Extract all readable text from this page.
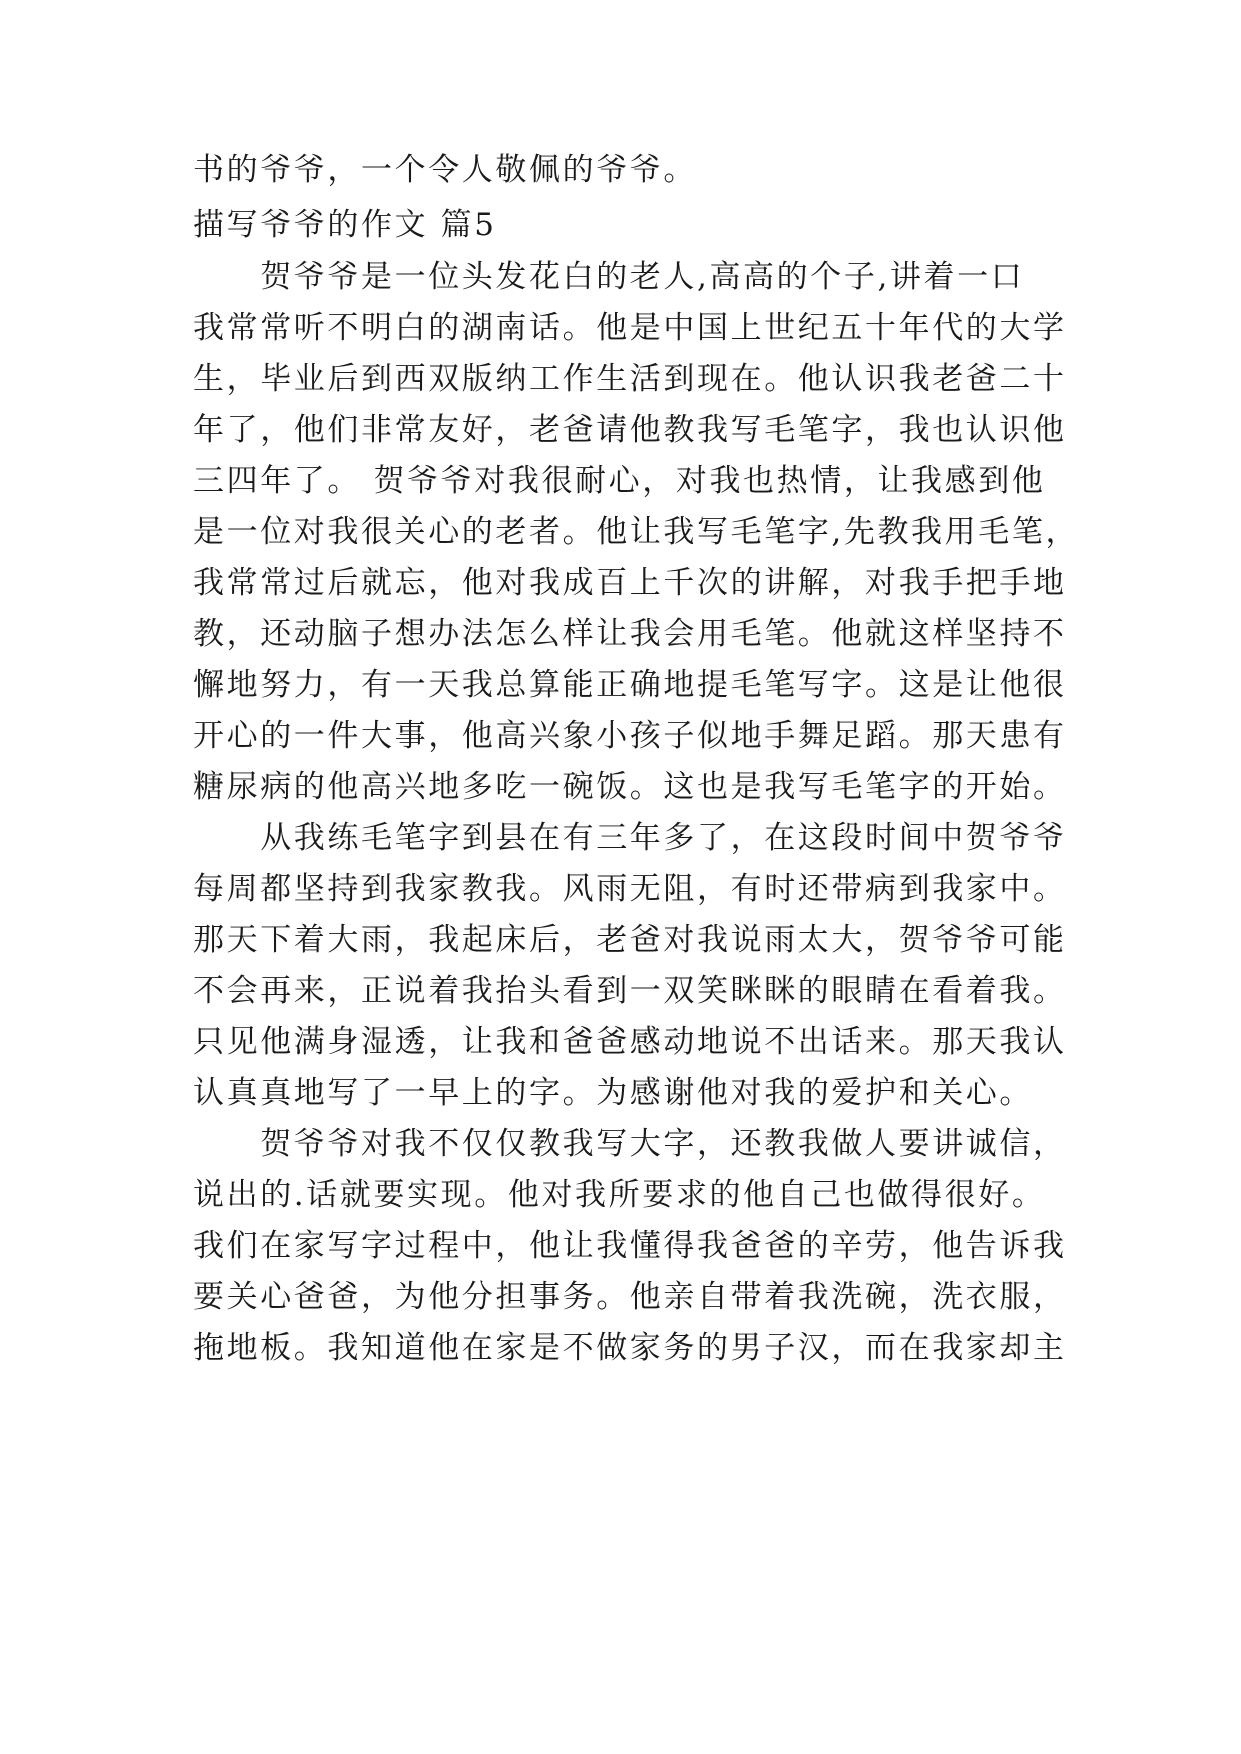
书的爷爷，一个令人敬佩的爷爷。
描写爷爷的作文 篇5
　　贺爷爷是一位头发花白的老人,高高的个子,讲着一口
我常常听不明白的湖南话。他是中国上世纪五十年代的大学
生，毕业后到西双版纳工作生活到现在。他认识我老爸二十
年了，他们非常友好，老爸请他教我写毛笔字，我也认识他
三四年了。 贺爷爷对我很耐心，对我也热情，让我感到他
是一位对我很关心的老者。他让我写毛笔字,先教我用毛笔，
我常常过后就忘，他对我成百上千次的讲解，对我手把手地
教，还动脑子想办法怎么样让我会用毛笔。他就这样坚持不
懈地努力，有一天我总算能正确地提毛笔写字。这是让他很
开心的一件大事，他高兴象小孩子似地手舞足蹈。那天患有
糖尿病的他高兴地多吃一碗饭。这也是我写毛笔字的开始。
　　从我练毛笔字到县在有三年多了，在这段时间中贺爷爷
每周都坚持到我家教我。风雨无阻，有时还带病到我家中。
那天下着大雨，我起床后，老爸对我说雨太大，贺爷爷可能
不会再来，正说着我抬头看到一双笑眯眯的眼睛在看着我。
只见他满身湿透，让我和爸爸感动地说不出话来。那天我认
认真真地写了一早上的字。为感谢他对我的爱护和关心。
　　贺爷爷对我不仅仅教我写大字，还教我做人要讲诚信，
说出的.话就要实现。他对我所要求的他自己也做得很好。
我们在家写字过程中，他让我懂得我爸爸的辛劳，他告诉我
要关心爸爸，为他分担事务。他亲自带着我洗碗，洗衣服，
拖地板。我知道他在家是不做家务的男子汉，而在我家却主
